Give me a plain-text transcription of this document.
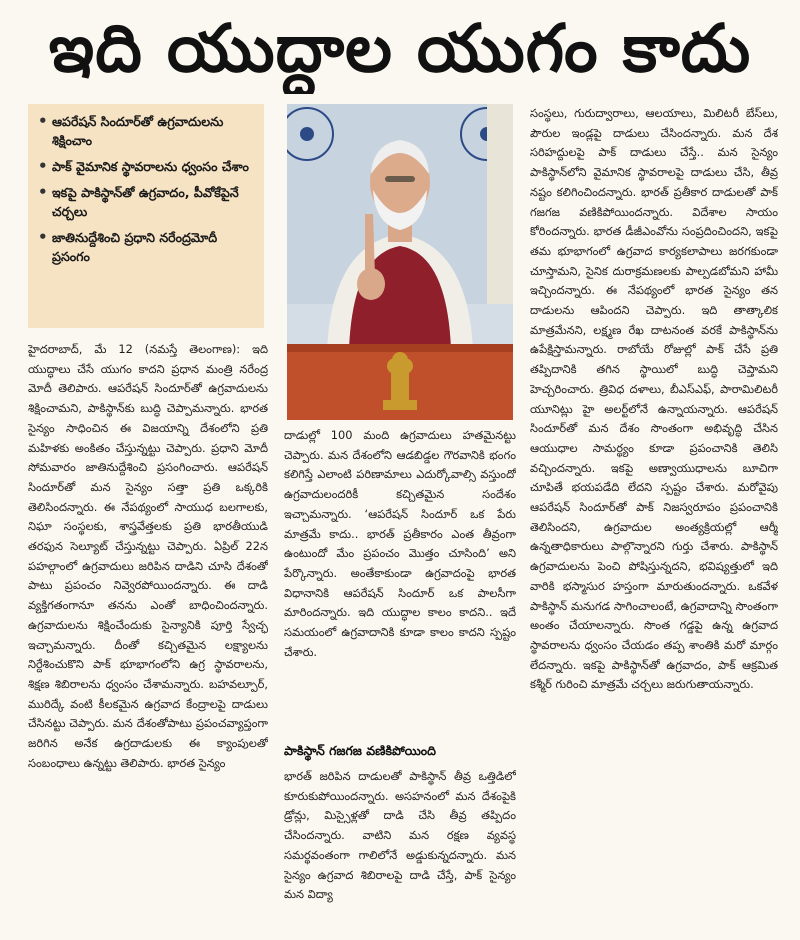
ఇది యుద్ధాల యుగం కాదు
• ఆపరేషన్ సిందూర్‌తో ఉగ్రవాదులను శిక్షించాం
• పాక్ వైమానిక స్థావరాలను ధ్వంసం చేశాం
• ఇకపై పాకిస్థాన్‌తో ఉగ్రవాదం, పీవోకేపైనే చర్చలు
• జాతినుద్దేశించి ప్రధాని నరేంద్రమోదీ ప్రసంగం

హైదరాబాద్, మే 12 (నమస్తే తెలంగాణ): ఇది యుద్ధాలు చేసే యుగం కాదని ప్రధాన మంత్రి నరేంద్ర మోదీ తెలిపారు. ఆపరేషన్ సిందూర్‌తో ఉగ్రవాదులను శిక్షించామని, పాకిస్థాన్‌కు బుద్ధి చెప్పామన్నారు. భారత సైన్యం సాధించిన ఈ విజయాన్ని దేశంలోని ప్రతి మహిళకు అంకితం చేస్తున్నట్టు చెప్పారు. ప్రధాని మోదీ సోమవారం జాతినుద్దేశించి ప్రసంగించారు. ఆపరేషన్ సిందూర్‌తో మన సైన్యం సత్తా ప్రతి ఒక్కరికి తెలిసిందన్నారు. ఈ నేపథ్యంలో సాయుధ బలగాలకు, నిఘా సంస్థలకు, శాస్త్రవేత్తలకు ప్రతి భారతీయుడి తరఫున సెల్యూట్ చేస్తున్నట్టు చెప్పారు. ఏప్రిల్ 22న పహల్గాంలో ఉగ్రవాదులు జరిపిన దాడిని చూసి దేశంతో పాటు ప్రపంచం నివ్వెరపోయిందన్నారు. ఈ దాడి వ్యక్తిగతంగానూ తనను ఎంతో బాధించిందన్నారు. ఉగ్రవాదులను శిక్షించేందుకు సైన్యానికి పూర్తి స్వేచ్ఛ ఇచ్చామన్నారు. దీంతో కచ్చితమైన లక్ష్యాలను నిర్దేశించుకొని పాక్ భూభాగంలోని ఉగ్ర స్థావరాలను, శిక్షణ శిబిరాలను ధ్వంసం చేశామన్నారు. బహవల్పూర్, మురిద్కే వంటి కీలకమైన ఉగ్రవాద కేంద్రాలపై దాడులు చేసినట్టు చెప్పారు. మన దేశంతోపాటు ప్రపంచవ్యాప్తంగా జరిగిన అనేక ఉగ్రదాడులకు ఈ క్యాంపులతో సంబంధాలు ఉన్నట్టు తెలిపారు. భారత సైన్యం

దాడుల్లో 100 మంది ఉగ్రవాదులు హతమైనట్టు చెప్పారు. మన దేశంలోని ఆడబిడ్డల గౌరవానికి భంగం కలిగిస్తే ఎలాంటి పరిణామాలు ఎదుర్కోవాల్సి వస్తుందో ఉగ్రవాదులందరికీ కచ్చితమైన సందేశం ఇచ్చామన్నారు. ‘ఆపరేషన్ సిందూర్ ఒక పేరు మాత్రమే కాదు.. భారత్ ప్రతీకారం ఎంత తీవ్రంగా ఉంటుందో మేం ప్రపంచం మొత్తం చూసింది’ అని పేర్కొన్నారు. అంతేకాకుండా ఉగ్రవాదంపై భారత విధానానికి ఆపరేషన్ సిందూర్ ఒక పాలసీగా మారిందన్నారు. ఇది యుద్ధాల కాలం కాదని.. ఇదే సమయంలో ఉగ్రవాదానికి కూడా కాలం కాదని స్పష్టం చేశారు.

పాకిస్థాన్ గజగజ వణికిపోయింది

భారత్ జరిపిన దాడులతో పాకిస్థాన్ తీవ్ర ఒత్తిడిలో కూరుకుపోయిందన్నారు. అసహనంలో మన దేశంపైకి డ్రోన్లు, మిస్సైళ్లతో దాడి చేసి తీవ్ర తప్పిదం చేసిందన్నారు. వాటిని మన రక్షణ వ్యవస్థ సమర్థవంతంగా గాలిలోనే అడ్డుకున్నదన్నారు. మన సైన్యం ఉగ్రవాద శిబిరాలపై దాడి చేస్తే, పాక్ సైన్యం మన విద్యా

సంస్థలు, గురుద్వారాలు, ఆలయాలు, మిలిటరీ బేస్‌లు, పౌరుల ఇండ్లపై దాడులు చేసిందన్నారు. మన దేశ సరిహద్దులపై పాక్ దాడులు చేస్తే.. మన సైన్యం పాకిస్థాన్‌లోని వైమానిక స్థావరాలపై దాడులు చేసి, తీవ్ర నష్టం కలిగించిందన్నారు. భారత్ ప్రతీకార దాడులతో పాక్ గజగజ వణికిపోయిందన్నారు. విదేశాల సాయం కోరిందన్నారు. భారత డీజీఎంవోను సంప్రదించిందని, ఇకపై తమ భూభాగంలో ఉగ్రవాద కార్యకలాపాలు జరగకుండా చూస్తామని, సైనిక దురాక్రమణలకు పాల్పడబోమని హామీ ఇచ్చిందన్నారు. ఈ నేపథ్యంలో భారత సైన్యం తన దాడులను ఆపిందని చెప్పారు. ఇది తాత్కాలిక మాత్రమేనని, లక్ష్మణ రేఖ దాటనంత వరకే పాకిస్థాన్‌ను ఉపేక్షిస్తామన్నారు. రాబోయే రోజుల్లో పాక్ చేసే ప్రతి తప్పిదానికి తగిన స్థాయిలో బుద్ధి చెప్తామని హెచ్చరించారు. త్రివిధ దళాలు, బీఎస్‌ఎఫ్, పారామిలిటరీ యూనిట్లు హై అలర్ట్‌లోనే ఉన్నాయన్నారు. ఆపరేషన్ సిందూర్‌తో మన దేశం సొంతంగా అభివృద్ధి చేసిన ఆయుధాల సామర్థ్యం కూడా ప్రపంచానికి తెలిసి వచ్చిందన్నారు. ఇకపై అణ్వాయుధాలను బూచిగా చూపితే భయపడేది లేదని స్పష్టం చేశారు. మరోవైపు ఆపరేషన్ సిందూర్‌తో పాక్ నిజస్వరూపం ప్రపంచానికి తెలిసిందని, ఉగ్రవాదుల అంత్యక్రియల్లో ఆర్మీ ఉన్నతాధికారులు పాల్గొన్నారని గుర్తు చేశారు. పాకిస్థాన్ ఉగ్రవాదులను పెంచి పోషిస్తున్నదని, భవిష్యత్తులో ఇది వారికి భస్మాసుర హస్తంగా మారుతుందన్నారు. ఒకవేళ పాకిస్థాన్ మనుగడ సాగించాలంటే, ఉగ్రవాదాన్ని సొంతంగా అంతం చేయాలన్నారు. సొంత గడ్డపై ఉన్న ఉగ్రవాద స్థావరాలను ధ్వంసం చేయడం తప్ప శాంతికి మరో మార్గం లేదన్నారు. ఇకపై పాకిస్థాన్‌తో ఉగ్రవాదం, పాక్ ఆక్రమిత కశ్మీర్ గురించి మాత్రమే చర్చలు జరుగుతాయన్నారు.
